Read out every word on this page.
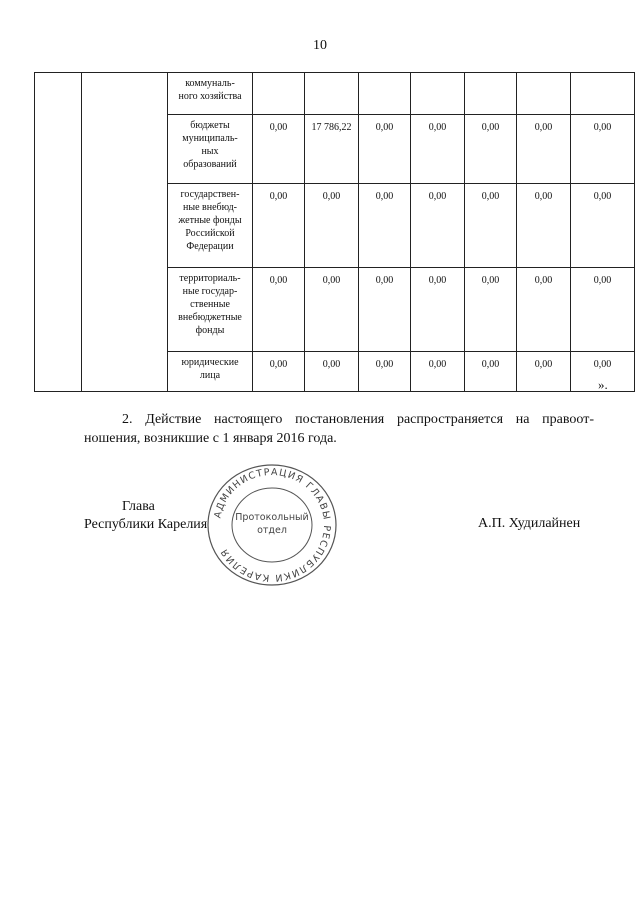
10

		коммуналь-
ного хозяйства							

		бюджеты
муниципаль-
ных
образований	0,00	17 786,22	0,00	0,00	0,00	0,00	0,00

		государствен-
ные внебюд-
жетные фонды
Российской
Федерации	0,00	0,00	0,00	0,00	0,00	0,00	0,00

		территориаль-
ные государ-
ственные
внебюджетные
фонды	0,00	0,00	0,00	0,00	0,00	0,00	0,00

		юридические
лица	0,00	0,00	0,00	0,00	0,00	0,00	0,00
».
2. Действие настоящего постановления распространяется на правоот-
ношения, возникшие с 1 января 2016 года.
Глава
Республики Карелия	А.П. Худилайнен
АДМИНИСТРАЦИЯ ГЛАВЫ РЕСПУБЛИКИ КАРЕЛИЯ
Протокольный
отдел
